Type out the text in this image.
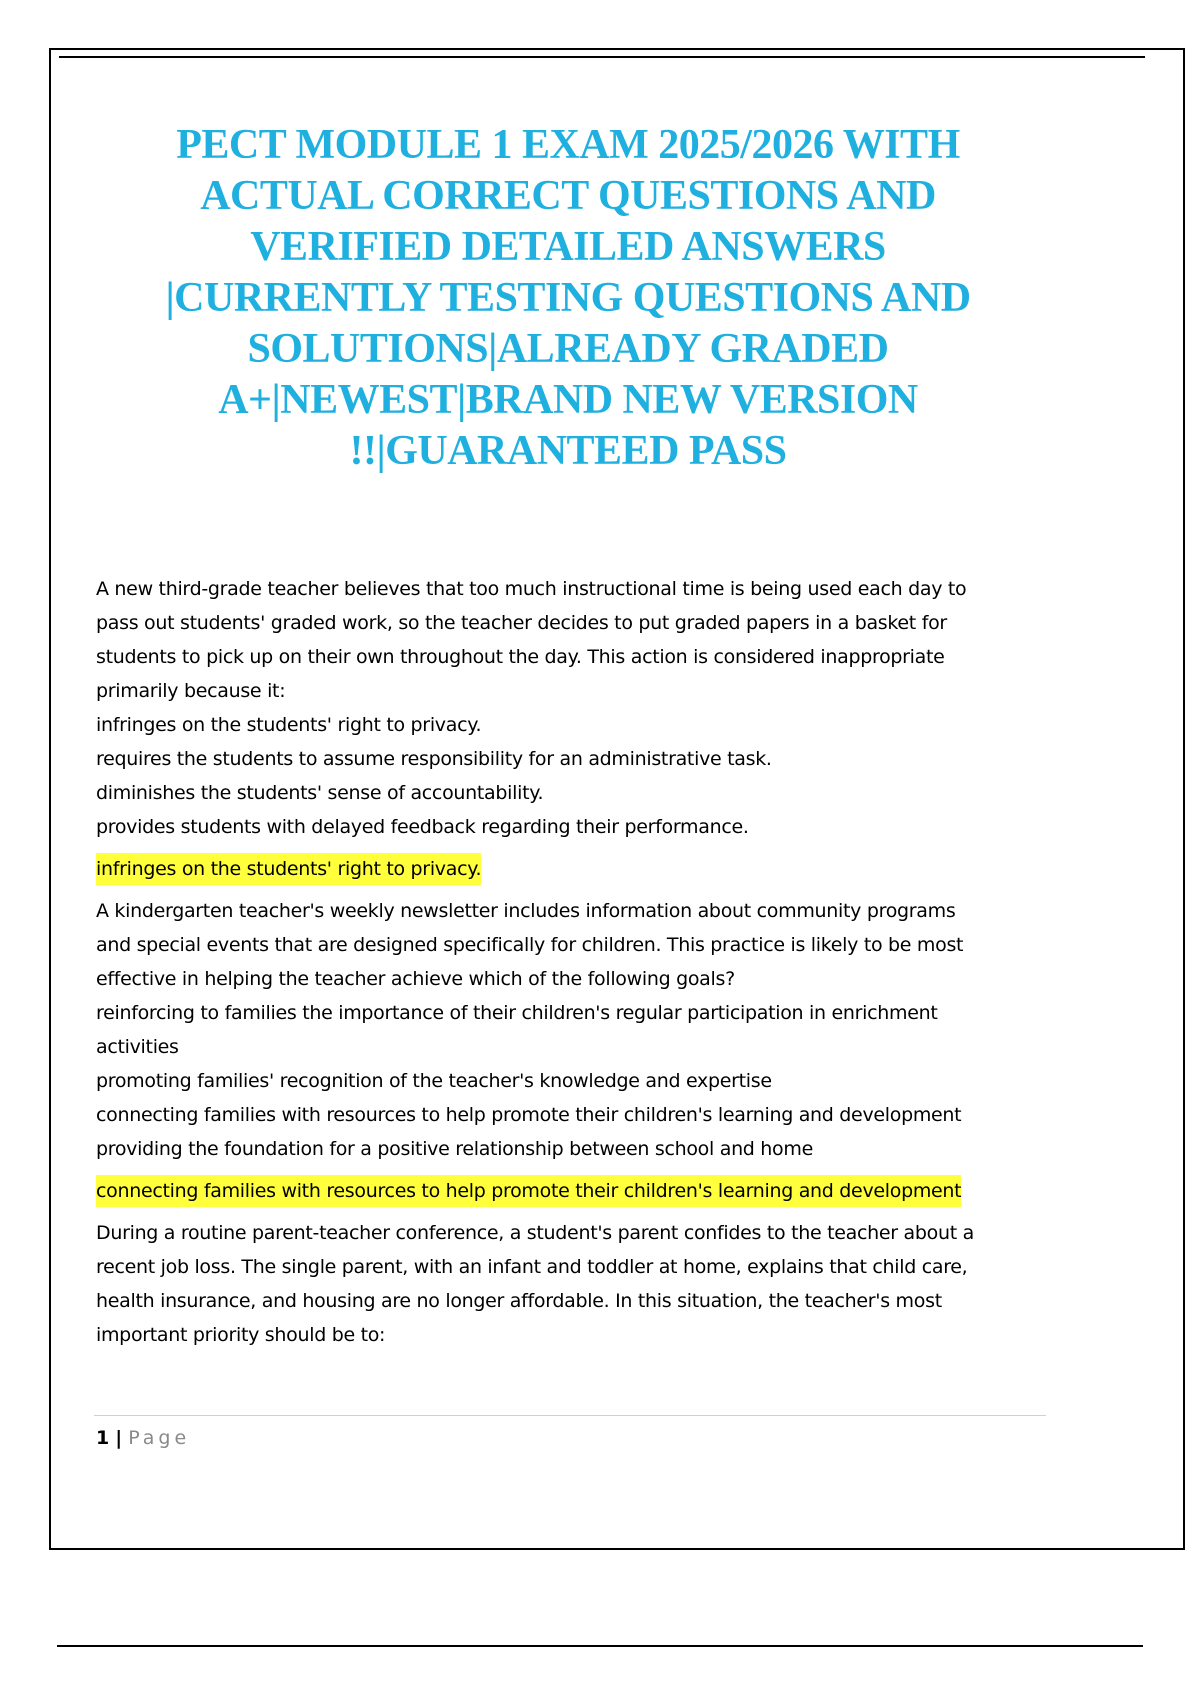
PECT MODULE 1 EXAM 2025/2026 WITH
ACTUAL CORRECT QUESTIONS AND
VERIFIED DETAILED ANSWERS
|CURRENTLY TESTING QUESTIONS AND
SOLUTIONS|ALREADY GRADED
A+|NEWEST|BRAND NEW VERSION
!!|GUARANTEED PASS
A new third-grade teacher believes that too much instructional time is being used each day to
pass out students' graded work, so the teacher decides to put graded papers in a basket for
students to pick up on their own throughout the day. This action is considered inappropriate
primarily because it:
infringes on the students' right to privacy.
requires the students to assume responsibility for an administrative task.
diminishes the students' sense of accountability.
provides students with delayed feedback regarding their performance.
infringes on the students' right to privacy.
A kindergarten teacher's weekly newsletter includes information about community programs
and special events that are designed specifically for children. This practice is likely to be most
effective in helping the teacher achieve which of the following goals?
reinforcing to families the importance of their children's regular participation in enrichment
activities
promoting families' recognition of the teacher's knowledge and expertise
connecting families with resources to help promote their children's learning and development
providing the foundation for a positive relationship between school and home
connecting families with resources to help promote their children's learning and development
During a routine parent-teacher conference, a student's parent confides to the teacher about a
recent job loss. The single parent, with an infant and toddler at home, explains that child care,
health insurance, and housing are no longer affordable. In this situation, the teacher's most
important priority should be to:
1 | Page
